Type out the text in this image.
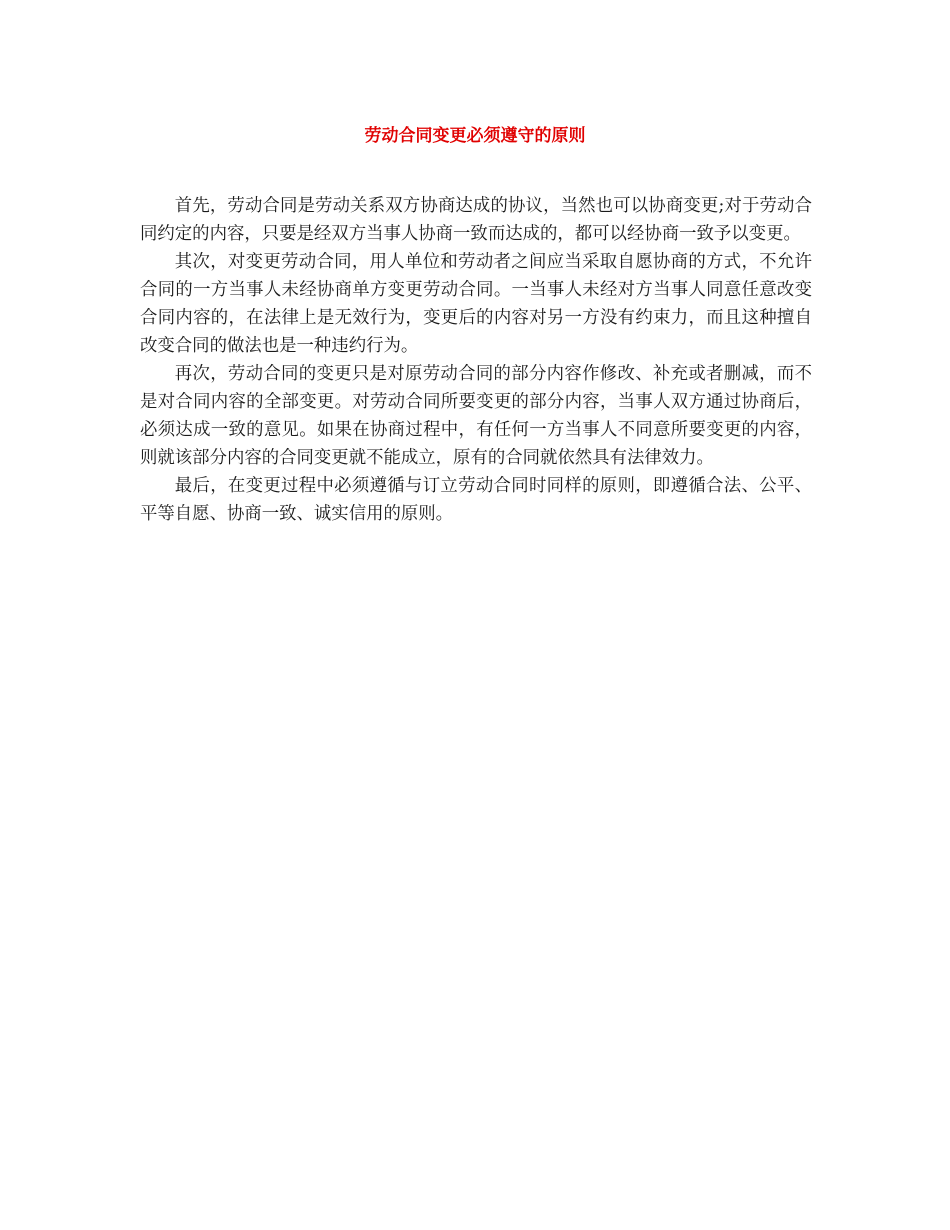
劳动合同变更必须遵守的原则

首先，劳动合同是劳动关系双方协商达成的协议，当然也可以协商变更;对于劳动合同约定的内容，只要是经双方当事人协商一致而达成的，都可以经协商一致予以变更。

其次，对变更劳动合同，用人单位和劳动者之间应当采取自愿协商的方式，不允许合同的一方当事人未经协商单方变更劳动合同。一当事人未经对方当事人同意任意改变合同内容的，在法律上是无效行为，变更后的内容对另一方没有约束力，而且这种擅自改变合同的做法也是一种违约行为。

再次，劳动合同的变更只是对原劳动合同的部分内容作修改、补充或者删减，而不是对合同内容的全部变更。对劳动合同所要变更的部分内容，当事人双方通过协商后，必须达成一致的意见。如果在协商过程中，有任何一方当事人不同意所要变更的内容，则就该部分内容的合同变更就不能成立，原有的合同就依然具有法律效力。

最后，在变更过程中必须遵循与订立劳动合同时同样的原则，即遵循合法、公平、平等自愿、协商一致、诚实信用的原则。
